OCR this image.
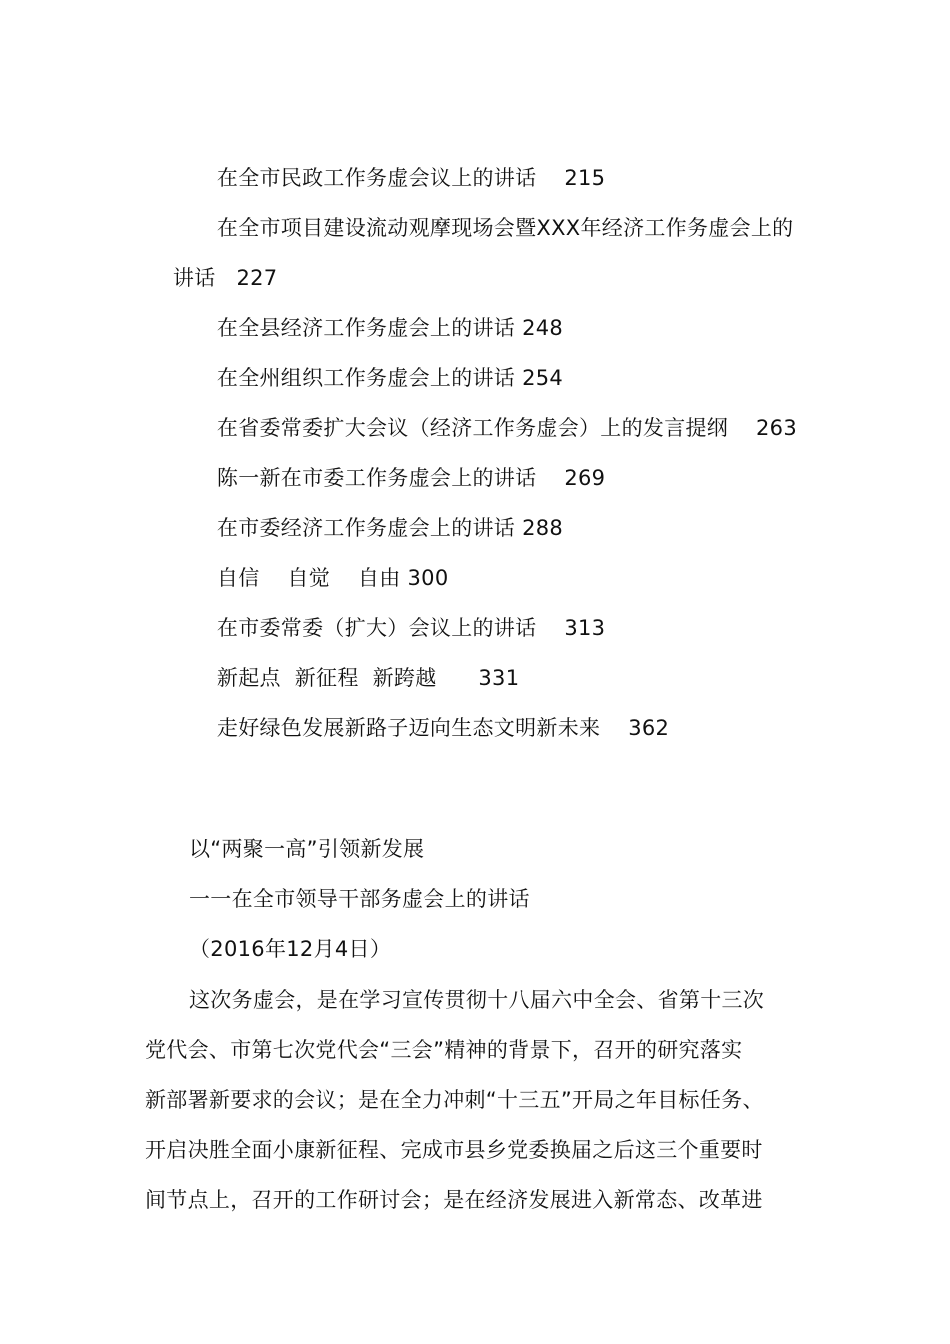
在全市民政工作务虚会议上的讲话 215

在全市项目建设流动观摩现场会暨XXX年经济工作务虚会上的

讲话 227

在全县经济工作务虚会上的讲话 248

在全州组织工作务虚会上的讲话 254

在省委常委扩大会议（经济工作务虚会）上的发言提纲 263

陈一新在市委工作务虚会上的讲话 269

在市委经济工作务虚会上的讲话 288

自信    自觉    自由 300

在市委常委（扩大）会议上的讲话 313

新起点  新征程  新跨越 331

走好绿色发展新路子迈向生态文明新未来 362

以“两聚一高”引领新发展
一一在全市领导干部务虚会上的讲话
（2016年12月4日）
这次务虚会，是在学习宣传贯彻十八届六中全会、省第十三次
党代会、市第七次党代会“三会”精神的背景下，召开的研究落实
新部署新要求的会议；是在全力冲刺“十三五”开局之年目标任务、
开启决胜全面小康新征程、完成市县乡党委换届之后这三个重要时
间节点上，召开的工作研讨会；是在经济发展进入新常态、改革进
